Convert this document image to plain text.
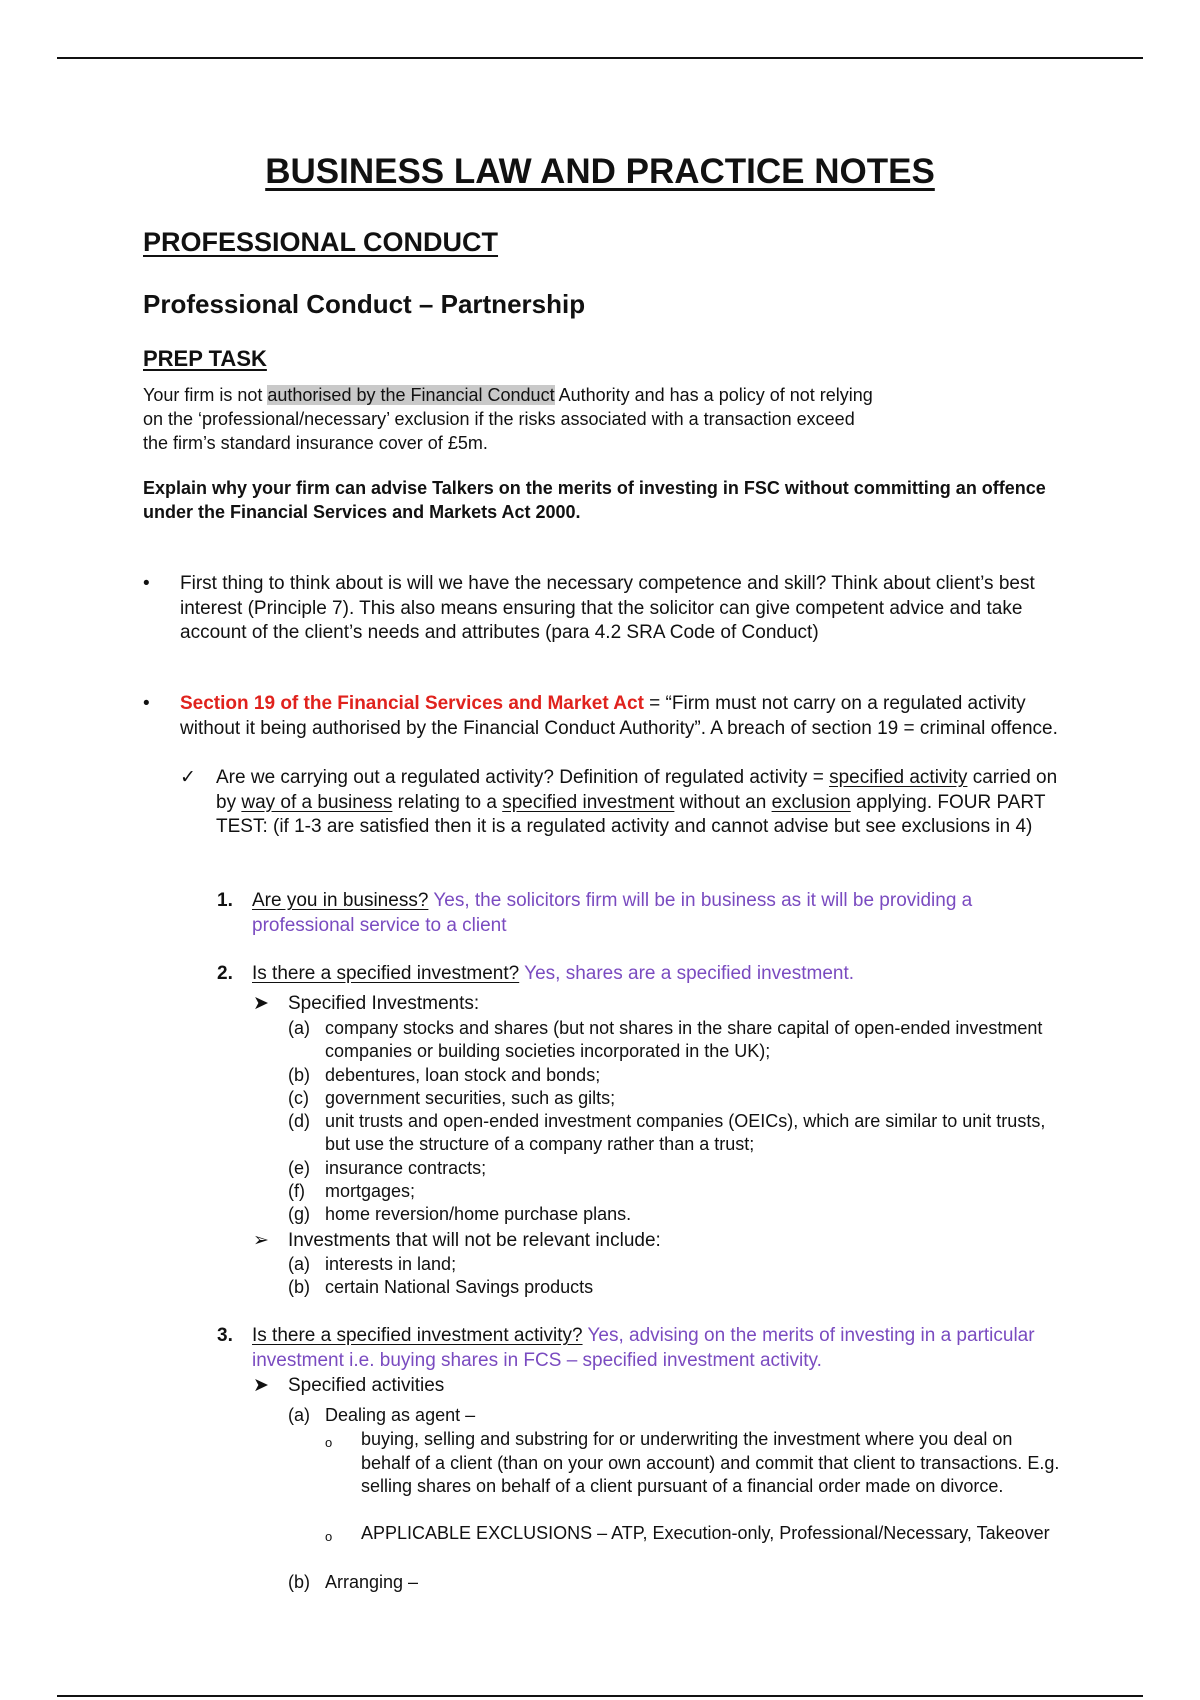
BUSINESS LAW AND PRACTICE NOTES
PROFESSIONAL CONDUCT
Professional Conduct – Partnership
PREP TASK

Your firm is not authorised by the Financial Conduct Authority and has a policy of not relying on the ‘professional/necessary’ exclusion if the risks associated with a transaction exceed the firm’s standard insurance cover of £5m.

Explain why your firm can advise Talkers on the merits of investing in FSC without committing an offence under the Financial Services and Markets Act 2000.

•	First thing to think about is will we have the necessary competence and skill? Think about client’s best interest (Principle 7). This also means ensuring that the solicitor can give competent advice and take account of the client’s needs and attributes (para 4.2 SRA Code of Conduct)
•	Section 19 of the Financial Services and Market Act = “Firm must not carry on a regulated activity without it being authorised by the Financial Conduct Authority”. A breach of section 19 = criminal offence.
✓ Are we carrying out a regulated activity? Definition of regulated activity = specified activity carried on by way of a business relating to a specified investment without an exclusion applying. FOUR PART TEST: (if 1-3 are satisfied then it is a regulated activity and cannot advise but see exclusions in 4)
1. Are you in business? Yes, the solicitors firm will be in business as it will be providing a professional service to a client
2. Is there a specified investment? Yes, shares are a specified investment.
➤ Specified Investments:
(a) company stocks and shares (but not shares in the share capital of open-ended investment companies or building societies incorporated in the UK);
(b) debentures, loan stock and bonds;
(c) government securities, such as gilts;
(d) unit trusts and open-ended investment companies (OEICs), which are similar to unit trusts, but use the structure of a company rather than a trust;
(e) insurance contracts;
(f) mortgages;
(g) home reversion/home purchase plans.
➢ Investments that will not be relevant include:
(a) interests in land;
(b) certain National Savings products
3. Is there a specified investment activity? Yes, advising on the merits of investing in a particular investment i.e. buying shares in FCS – specified investment activity.
➤ Specified activities
(a) Dealing as agent –
o buying, selling and substring for or underwriting the investment where you deal on behalf of a client (than on your own account) and commit that client to transactions. E.g. selling shares on behalf of a client pursuant of a financial order made on divorce.
o APPLICABLE EXCLUSIONS – ATP, Execution-only, Professional/Necessary, Takeover
(b) Arranging –
